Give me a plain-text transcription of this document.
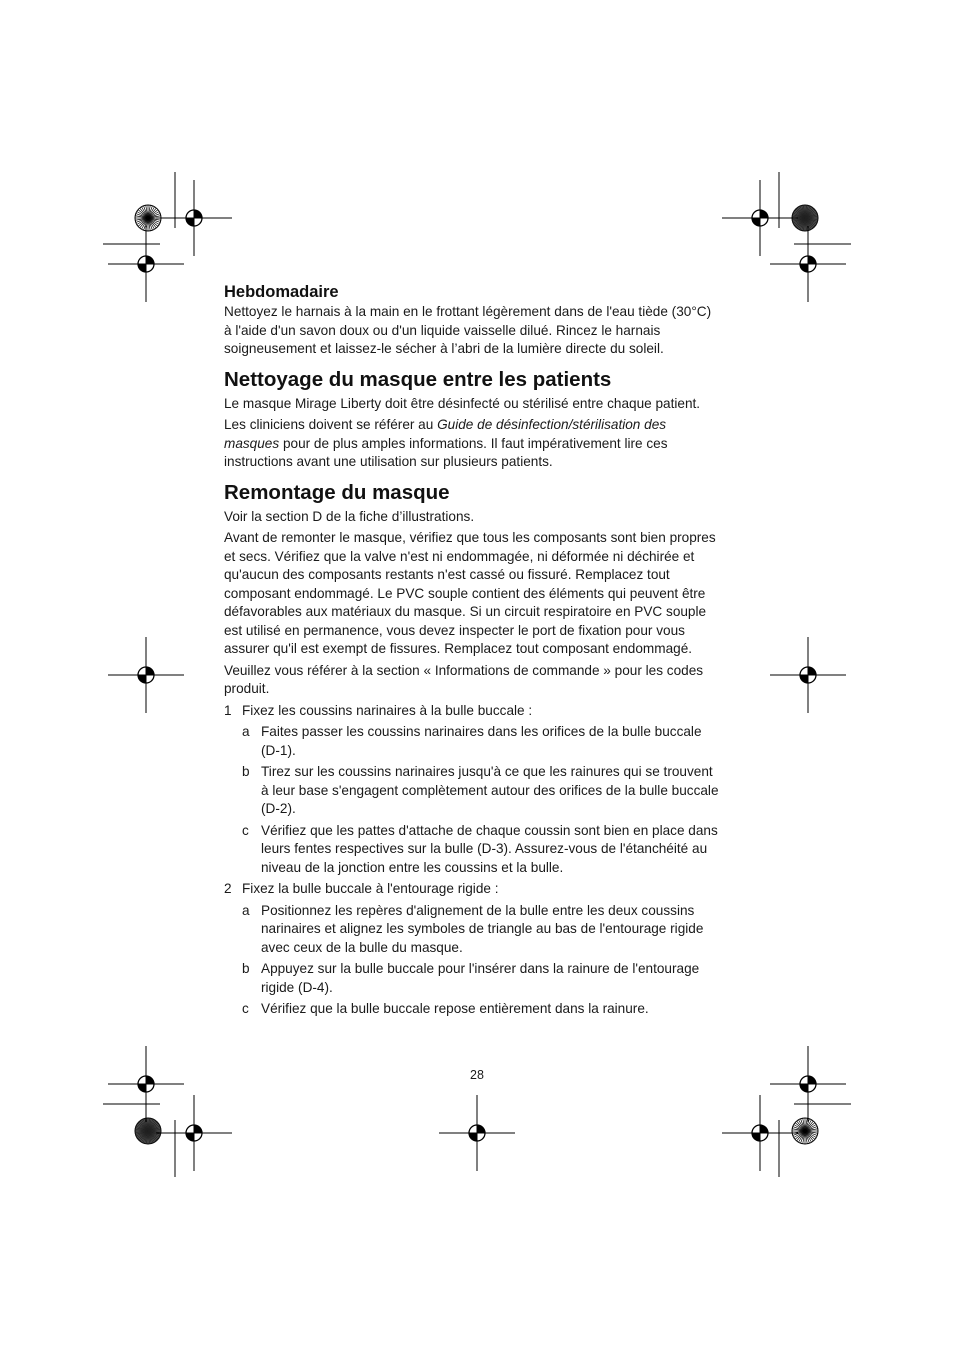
Hebdomadaire

Nettoyez le harnais à la main en le frottant légèrement dans de l'eau tiède (30°C) à l'aide d'un savon doux ou d'un liquide vaisselle dilué. Rincez le harnais soigneusement et laissez-le sécher à l’abri de la lumière directe du soleil.

Nettoyage du masque entre les patients

Le masque Mirage Liberty doit être désinfecté ou stérilisé entre chaque patient.

Les cliniciens doivent se référer au Guide de désinfection/stérilisation des masques pour de plus amples informations. Il faut impérativement lire ces instructions avant une utilisation sur plusieurs patients.

Remontage du masque

Voir la section D de la fiche d’illustrations.

Avant de remonter le masque, vérifiez que tous les composants sont bien propres et secs. Vérifiez que la valve n'est ni endommagée, ni déformée ni déchirée et qu'aucun des composants restants n'est cassé ou fissuré. Remplacez tout composant endommagé. Le PVC souple contient des éléments qui peuvent être défavorables aux matériaux du masque. Si un circuit respiratoire en PVC souple est utilisé en permanence, vous devez inspecter le port de fixation pour vous assurer qu'il est exempt de fissures. Remplacez tout composant endommagé.

Veuillez vous référer à la section « Informations de commande » pour les codes produit.

1 Fixez les coussins narinaires à la bulle buccale :
a Faites passer les coussins narinaires dans les orifices de la bulle buccale (D-1).
b Tirez sur les coussins narinaires jusqu'à ce que les rainures qui se trouvent à leur base s'engagent complètement autour des orifices de la bulle buccale (D-2).
c Vérifiez que les pattes d'attache de chaque coussin sont bien en place dans leurs fentes respectives sur la bulle (D-3). Assurez-vous de l'étanchéité au niveau de la jonction entre les coussins et la bulle.
2 Fixez la bulle buccale à l'entourage rigide :
a Positionnez les repères d'alignement de la bulle entre les deux coussins narinaires et alignez les symboles de triangle au bas de l'entourage rigide avec ceux de la bulle du masque.
b Appuyez sur la bulle buccale pour l'insérer dans la rainure de l'entourage rigide (D-4).
c Vérifiez que la bulle buccale repose entièrement dans la rainure.
28
